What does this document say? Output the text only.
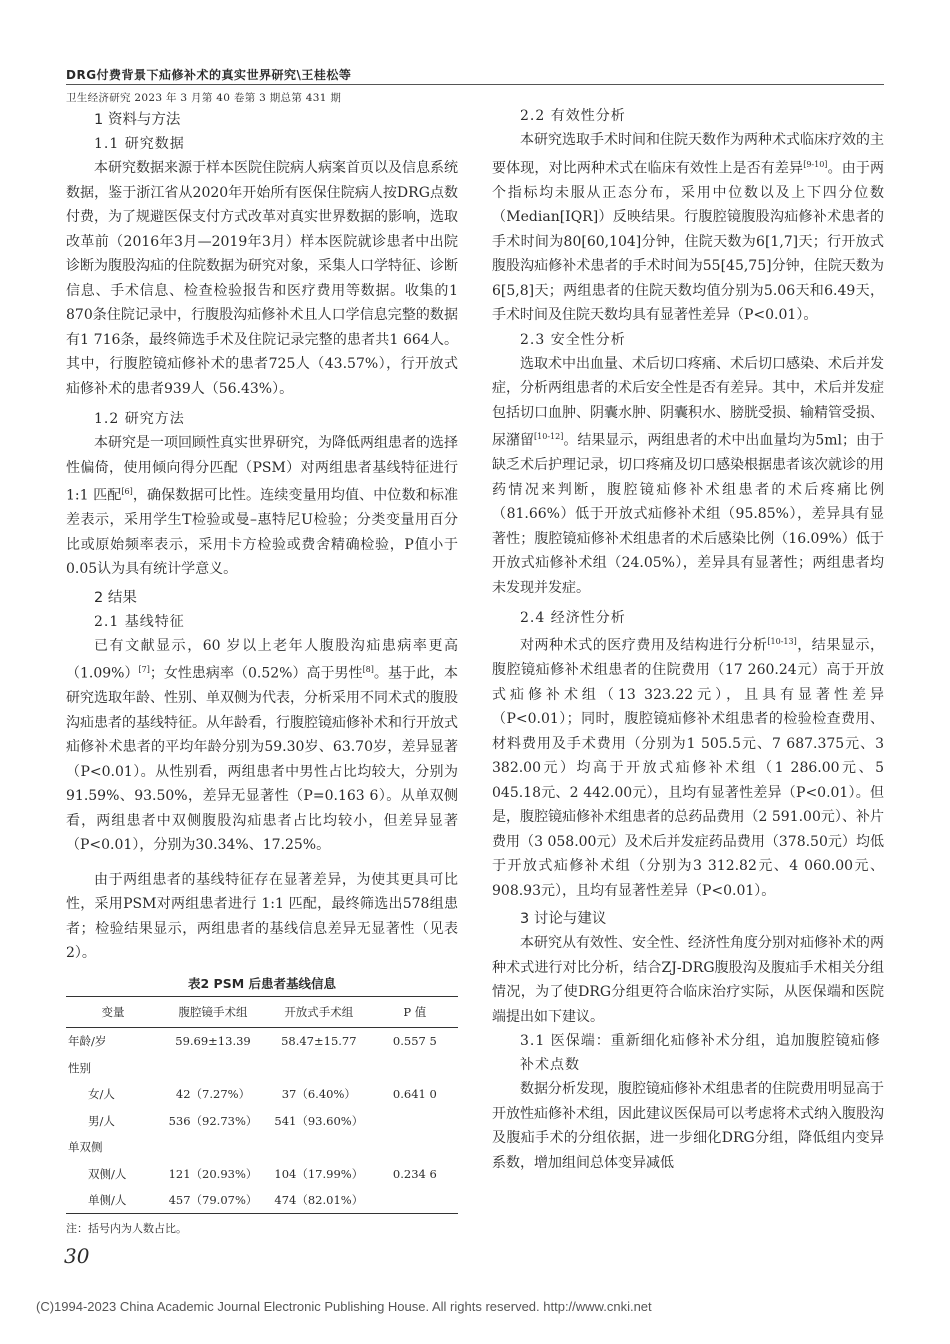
DRG付费背景下疝修补术的真实世界研究\王桂松等
卫生经济研究 2023 年 3 月第 40 卷第 3 期总第 431 期
1 资料与方法
1.1 研究数据

本研究数据来源于样本医院住院病人病案首页以及信息系统数据，鉴于浙江省从2020年开始所有医保住院病人按DRG点数付费，为了规避医保支付方式改革对真实世界数据的影响，选取改革前（2016年3月—2019年3月）样本医院就诊患者中出院诊断为腹股沟疝的住院数据为研究对象，采集人口学特征、诊断信息、手术信息、检查检验报告和医疗费用等数据。收集的1 870条住院记录中，行腹股沟疝修补术且人口学信息完整的数据有1 716条，最终筛选手术及住院记录完整的患者共1 664人。其中，行腹腔镜疝修补术的患者725人（43.57%），行开放式疝修补术的患者939人（56.43%）。

1.2 研究方法

本研究是一项回顾性真实世界研究，为降低两组患者的选择性偏倚，使用倾向得分匹配（PSM）对两组患者基线特征进行 1:1 匹配[6]，确保数据可比性。连续变量用均值、中位数和标准差表示，采用学生T检验或曼–惠特尼U检验；分类变量用百分比或原始频率表示，采用卡方检验或费舍精确检验，P值小于0.05认为具有统计学意义。

2 结果
2.1 基线特征

已有文献显示，60 岁以上老年人腹股沟疝患病率更高（1.09%）[7]；女性患病率（0.52%）高于男性[8]。基于此，本研究选取年龄、性别、单双侧为代表，分析采用不同术式的腹股沟疝患者的基线特征。从年龄看，行腹腔镜疝修补术和行开放式疝修补术患者的平均年龄分别为59.30岁、63.70岁，差异显著（P<0.01）。从性别看，两组患者中男性占比均较大，分别为91.59%、93.50%，差异无显著性（P=0.163 6）。从单双侧看，两组患者中双侧腹股沟疝患者占比均较小，但差异显著（P<0.01），分别为30.34%、17.25%。

由于两组患者的基线特征存在显著差异，为使其更具可比性，采用PSM对两组患者进行 1:1 匹配，最终筛选出578组患者；检验结果显示，两组患者的基线信息差异无显著性（见表2）。

表2 PSM 后患者基线信息
变量	腹腔镜手术组	开放式手术组	P 值
年龄/岁	59.69±13.39	58.47±15.77	0.557 5
性别			
女/人	42（7.27%）	37（6.40%）	0.641 0
男/人	536（92.73%）	541（93.60%）	
单双侧			
双侧/人	121（20.93%）	104（17.99%）	0.234 6
单侧/人	457（79.07%）	474（82.01%）	
注：括号内为人数占比。
2.2 有效性分析

本研究选取手术时间和住院天数作为两种术式临床疗效的主要体现，对比两种术式在临床有效性上是否有差异[9-10]。由于两个指标均未服从正态分布，采用中位数以及上下四分位数（Median[IQR]）反映结果。行腹腔镜腹股沟疝修补术患者的手术时间为80[60,104]分钟，住院天数为6[1,7]天；行开放式腹股沟疝修补术患者的手术时间为55[45,75]分钟，住院天数为6[5,8]天；两组患者的住院天数均值分别为5.06天和6.49天，手术时间及住院天数均具有显著性差异（P<0.01）。

2.3 安全性分析

选取术中出血量、术后切口疼痛、术后切口感染、术后并发症，分析两组患者的术后安全性是否有差异。其中，术后并发症包括切口血肿、阴囊水肿、阴囊积水、膀胱受损、输精管受损、尿潴留[10-12]。结果显示，两组患者的术中出血量均为5ml；由于缺乏术后护理记录，切口疼痛及切口感染根据患者该次就诊的用药情况来判断，腹腔镜疝修补术组患者的术后疼痛比例（81.66%）低于开放式疝修补术组（95.85%），差异具有显著性；腹腔镜疝修补术组患者的术后感染比例（16.09%）低于开放式疝修补术组（24.05%），差异具有显著性；两组患者均未发现并发症。

2.4 经济性分析

对两种术式的医疗费用及结构进行分析[10-13]，结果显示，腹腔镜疝修补术组患者的住院费用（17 260.24元）高于开放式疝修补术组（13 323.22元），且具有显著性差异（P<0.01）；同时，腹腔镜疝修补术组患者的检验检查费用、材料费用及手术费用（分别为1 505.5元、7 687.375元、3 382.00元）均高于开放式疝修补术组（1 286.00元、5 045.18元、2 442.00元），且均有显著性差异（P<0.01）。但是，腹腔镜疝修补术组患者的总药品费用（2 591.00元）、补片费用（3 058.00元）及术后并发症药品费用（378.50元）均低于开放式疝修补术组（分别为3 312.82元、4 060.00元、908.93元），且均有显著性差异（P<0.01）。

3 讨论与建议

本研究从有效性、安全性、经济性角度分别对疝修补术的两种术式进行对比分析，结合ZJ-DRG腹股沟及腹疝手术相关分组情况，为了使DRG分组更符合临床治疗实际，从医保端和医院端提出如下建议。

3.1 医保端：重新细化疝修补术分组，追加腹腔镜疝修补术点数

数据分析发现，腹腔镜疝修补术组患者的住院费用明显高于开放性疝修补术组，因此建议医保局可以考虑将术式纳入腹股沟及腹疝手术的分组依据，进一步细化DRG分组，降低组内变异系数，增加组间总体变异减低

30
(C)1994-2023 China Academic Journal Electronic Publishing House. All rights reserved. http://www.cnki.net
